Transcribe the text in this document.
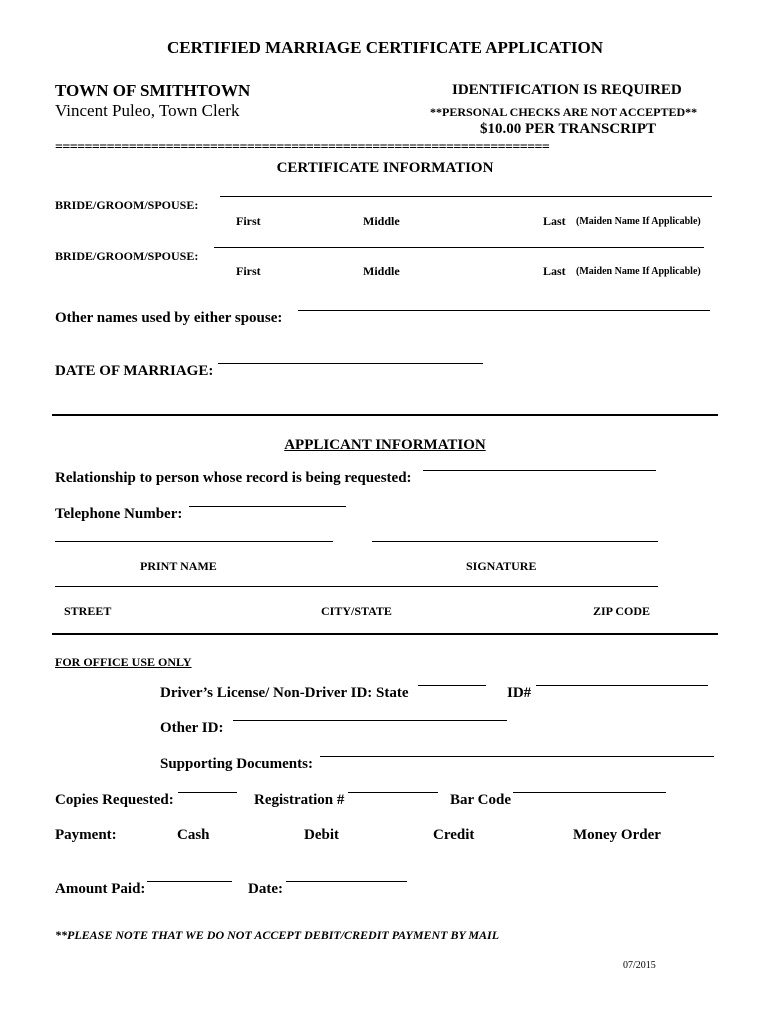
CERTIFIED MARRIAGE CERTIFICATE APPLICATION
TOWN OF SMITHTOWN
Vincent Puleo, Town Clerk
IDENTIFICATION IS REQUIRED
**PERSONAL CHECKS ARE NOT ACCEPTED**
$10.00 PER TRANSCRIPT
===================================================================
CERTIFICATE INFORMATION
BRIDE/GROOM/SPOUSE:
First	Middle	Last (Maiden Name If Applicable)
BRIDE/GROOM/SPOUSE:
First	Middle	Last (Maiden Name If Applicable)
Other names used by either spouse:
DATE OF MARRIAGE:
APPLICANT INFORMATION
Relationship to person whose record is being requested:
Telephone Number:
PRINT NAME	SIGNATURE
STREET	CITY/STATE	ZIP CODE
FOR OFFICE USE ONLY
Driver’s License/ Non-Driver ID: State	ID#
Other ID:
Supporting Documents:
Copies Requested:	Registration #	Bar Code
Payment:	Cash	Debit	Credit	Money Order
Amount Paid:	Date:
**PLEASE NOTE THAT WE DO NOT ACCEPT DEBIT/CREDIT PAYMENT BY MAIL
07/2015
